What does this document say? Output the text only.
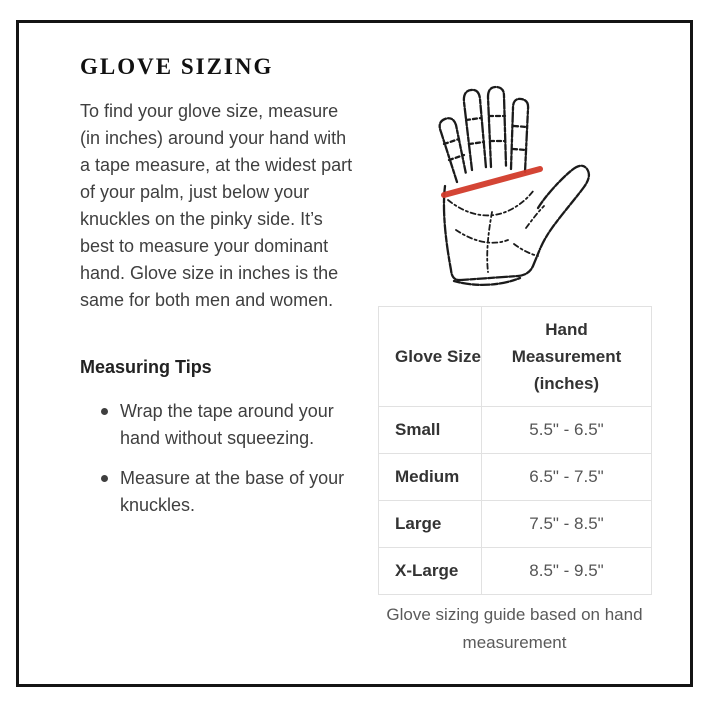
GLOVE SIZING

To find your glove size, measure (in inches) around your hand with a tape measure, at the widest part of your palm, just below your knuckles on the pinky side. It’s best to measure your dominant hand. Glove size in inches is the same for both men and women.

Measuring Tips
Wrap the tape around your hand without squeezing.
Measure at the base of your knuckles.
Glove Size	Hand Measurement (inches)
Small	5.5" - 6.5"
Medium	6.5" - 7.5"
Large	7.5" - 8.5"
X-Large	8.5" - 9.5"
Glove sizing guide based on hand measurement
